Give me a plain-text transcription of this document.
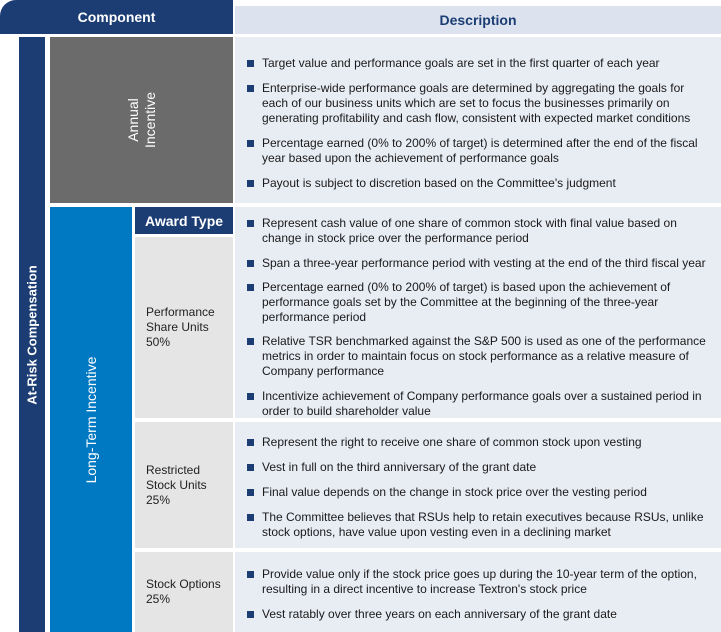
Component	Description
At-Risk Compensation
Annual Incentive
Target value and performance goals are set in the first quarter of each year
Enterprise-wide performance goals are determined by aggregating the goals for each of our business units which are set to focus the businesses primarily on generating profitability and cash flow, consistent with expected market conditions
Percentage earned (0% to 200% of target) is determined after the end of the fiscal year based upon the achievement of performance goals
Payout is subject to discretion based on the Committee's judgment
Long-Term Incentive
Award Type
Performance
Share Units
50%
Represent cash value of one share of common stock with final value based on change in stock price over the performance period
Span a three-year performance period with vesting at the end of the third fiscal year
Percentage earned (0% to 200% of target) is based upon the achievement of performance goals set by the Committee at the beginning of the three-year performance period
Relative TSR benchmarked against the S&P 500 is used as one of the performance metrics in order to maintain focus on stock performance as a relative measure of Company performance
Incentivize achievement of Company performance goals over a sustained period in order to build shareholder value
Restricted
Stock Units
25%
Represent the right to receive one share of common stock upon vesting
Vest in full on the third anniversary of the grant date
Final value depends on the change in stock price over the vesting period
The Committee believes that RSUs help to retain executives because RSUs, unlike stock options, have value upon vesting even in a declining market
Stock Options
25%
Provide value only if the stock price goes up during the 10-year term of the option, resulting in a direct incentive to increase Textron's stock price
Vest ratably over three years on each anniversary of the grant date
